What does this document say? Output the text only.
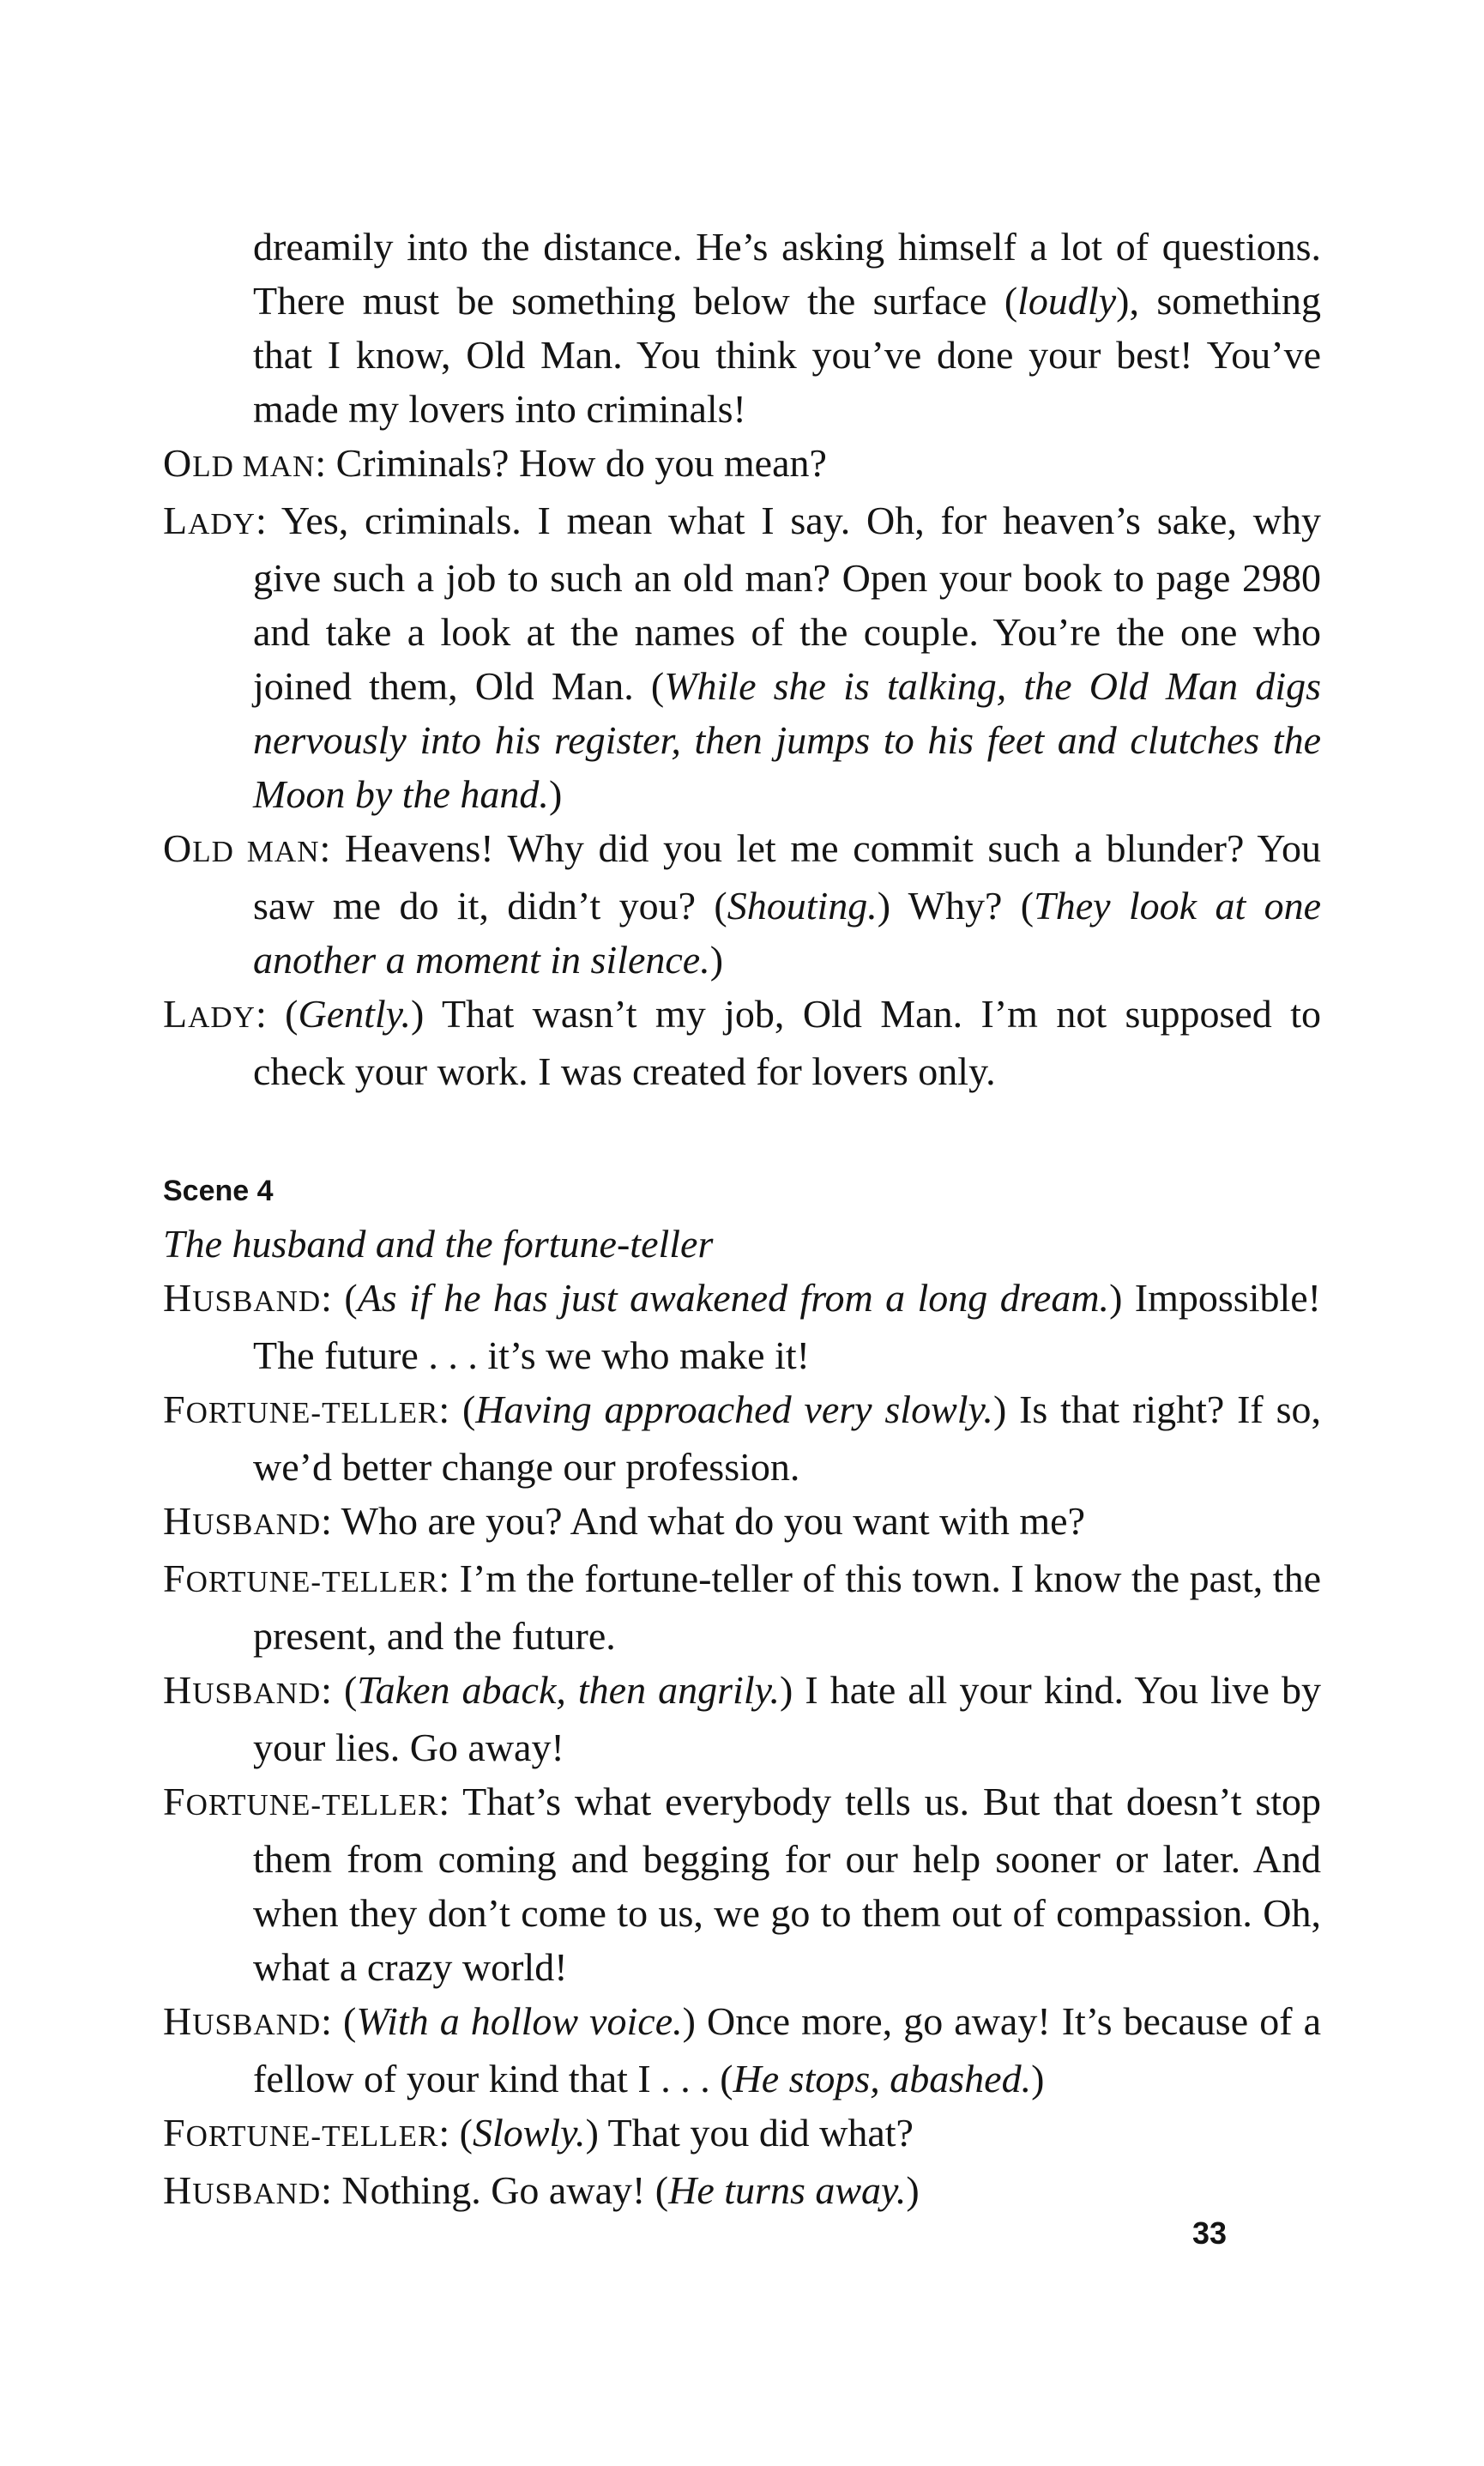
dreamily into the distance. He’s asking himself a lot of questions. There must be something below the surface (loudly), something that I know, Old Man. You think you’ve done your best! You’ve made my lovers into criminals!

OLD MAN: Criminals? How do you mean?

LADY: Yes, criminals. I mean what I say. Oh, for heaven’s sake, why give such a job to such an old man? Open your book to page 2980 and take a look at the names of the couple. You’re the one who joined them, Old Man. (While she is talking, the Old Man digs nervously into his register, then jumps to his feet and clutches the Moon by the hand.)

OLD MAN: Heavens! Why did you let me commit such a blunder? You saw me do it, didn’t you? (Shouting.) Why? (They look at one another a moment in silence.)

LADY: (Gently.) That wasn’t my job, Old Man. I’m not supposed to check your work. I was created for lovers only.

Scene 4
The husband and the fortune-teller

HUSBAND: (As if he has just awakened from a long dream.) Impossible! The future . . . it’s we who make it!

FORTUNE-TELLER: (Having approached very slowly.) Is that right? If so, we’d better change our profession.

HUSBAND: Who are you? And what do you want with me?

FORTUNE-TELLER: I’m the fortune-teller of this town. I know the past, the present, and the future.

HUSBAND: (Taken aback, then angrily.) I hate all your kind. You live by your lies. Go away!

FORTUNE-TELLER: That’s what everybody tells us. But that doesn’t stop them from coming and begging for our help sooner or later. And when they don’t come to us, we go to them out of compassion. Oh, what a crazy world!

HUSBAND: (With a hollow voice.) Once more, go away! It’s because of a fellow of your kind that I . . . (He stops, abashed.)

FORTUNE-TELLER: (Slowly.) That you did what?

HUSBAND: Nothing. Go away! (He turns away.)

33
